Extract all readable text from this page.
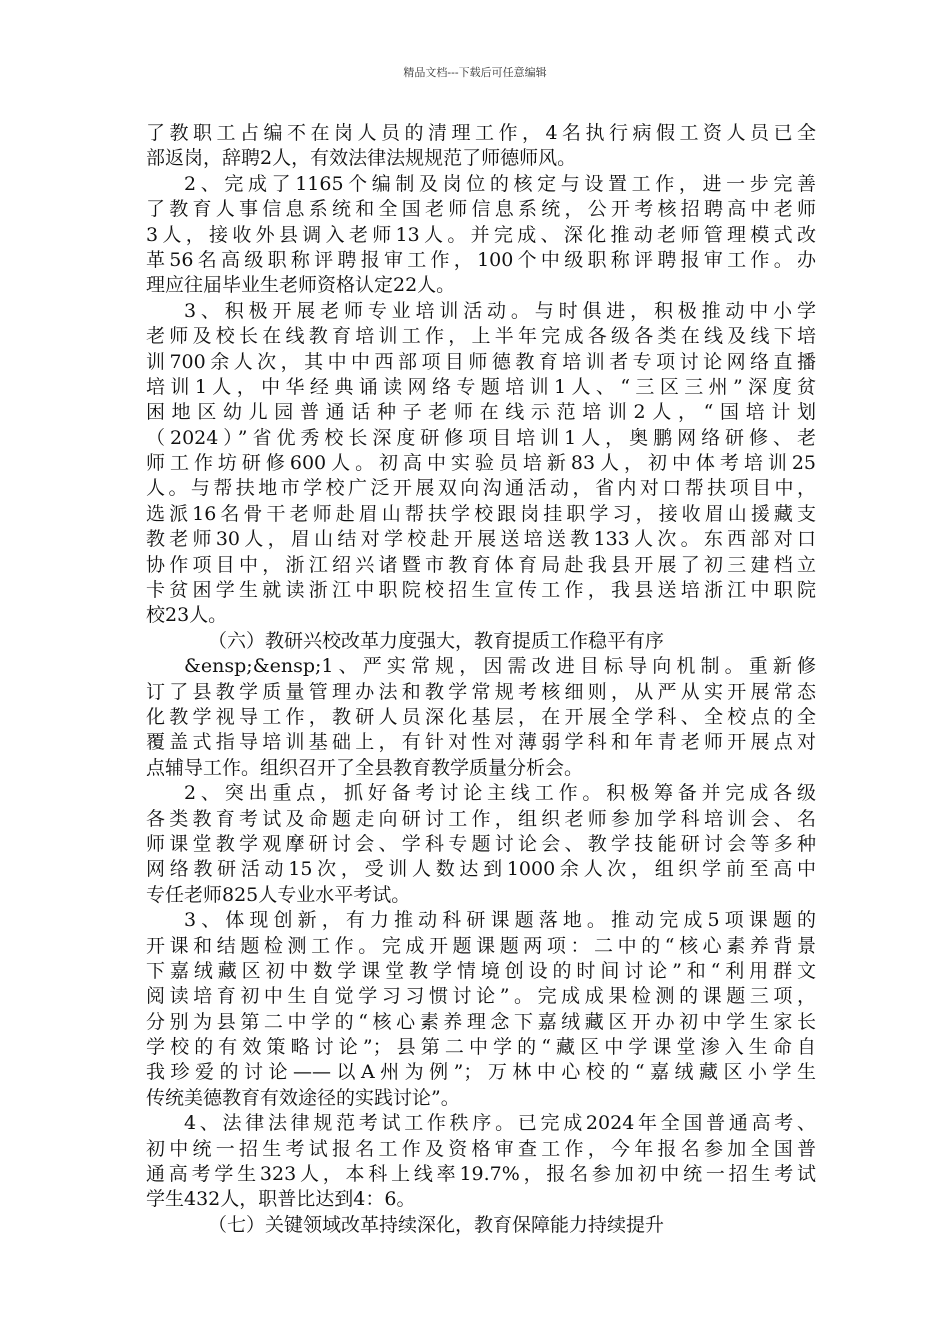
精品文档---下载后可任意编辑
了教职工占编不在岗人员的清理工作，4名执行病假工资人员已全
部返岗，辞聘2人，有效法律法规规范了师德师风。
2、完成了1165个编制及岗位的核定与设置工作，进一步完善
了教育人事信息系统和全国老师信息系统，公开考核招聘高中老师
3人，接收外县调入老师13人。并完成、深化推动老师管理模式改
革56名高级职称评聘报审工作，100个中级职称评聘报审工作。办
理应往届毕业生老师资格认定22人。
3、积极开展老师专业培训活动。与时俱进，积极推动中小学
老师及校长在线教育培训工作，上半年完成各级各类在线及线下培
训700余人次，其中中西部项目师德教育培训者专项讨论网络直播
培训1人，中华经典诵读网络专题培训1人、“三区三州”深度贫
困地区幼儿园普通话种子老师在线示范培训2人，“国培计划
（2024）”省优秀校长深度研修项目培训1人，奥鹏网络研修、老
师工作坊研修600人。初高中实验员培新83人，初中体考培训25
人。与帮扶地市学校广泛开展双向沟通活动，省内对口帮扶项目中，
选派16名骨干老师赴眉山帮扶学校跟岗挂职学习，接收眉山援藏支
教老师30人，眉山结对学校赴开展送培送教133人次。东西部对口
协作项目中，浙江绍兴诸暨市教育体育局赴我县开展了初三建档立
卡贫困学生就读浙江中职院校招生宣传工作，我县送培浙江中职院
校23人。
（六）教研兴校改革力度强大，教育提质工作稳平有序
&ensp;&ensp;1、严实常规，因需改进目标导向机制。重新修
订了县教学质量管理办法和教学常规考核细则，从严从实开展常态
化教学视导工作，教研人员深化基层，在开展全学科、全校点的全
覆盖式指导培训基础上，有针对性对薄弱学科和年青老师开展点对
点辅导工作。组织召开了全县教育教学质量分析会。
2、突出重点，抓好备考讨论主线工作。积极筹备并完成各级
各类教育考试及命题走向研讨工作，组织老师参加学科培训会、名
师课堂教学观摩研讨会、学科专题讨论会、教学技能研讨会等多种
网络教研活动15次，受训人数达到1000余人次，组织学前至高中
专任老师825人专业水平考试。
3、体现创新，有力推动科研课题落地。推动完成5项课题的
开课和结题检测工作。完成开题课题两项：二中的“核心素养背景
下嘉绒藏区初中数学课堂教学情境创设的时间讨论”和“利用群文
阅读培育初中生自觉学习习惯讨论”。完成成果检测的课题三项，
分别为县第二中学的“核心素养理念下嘉绒藏区开办初中学生家长
学校的有效策略讨论”；县第二中学的“藏区中学课堂渗入生命自
我珍爱的讨论——以A州为例”；万林中心校的“嘉绒藏区小学生
传统美德教育有效途径的实践讨论”。
4、法律法律规范考试工作秩序。已完成2024年全国普通高考、
初中统一招生考试报名工作及资格审查工作，今年报名参加全国普
通高考学生323人，本科上线率19.7%，报名参加初中统一招生考试
学生432人，职普比达到4：6。
（七）关键领域改革持续深化，教育保障能力持续提升
